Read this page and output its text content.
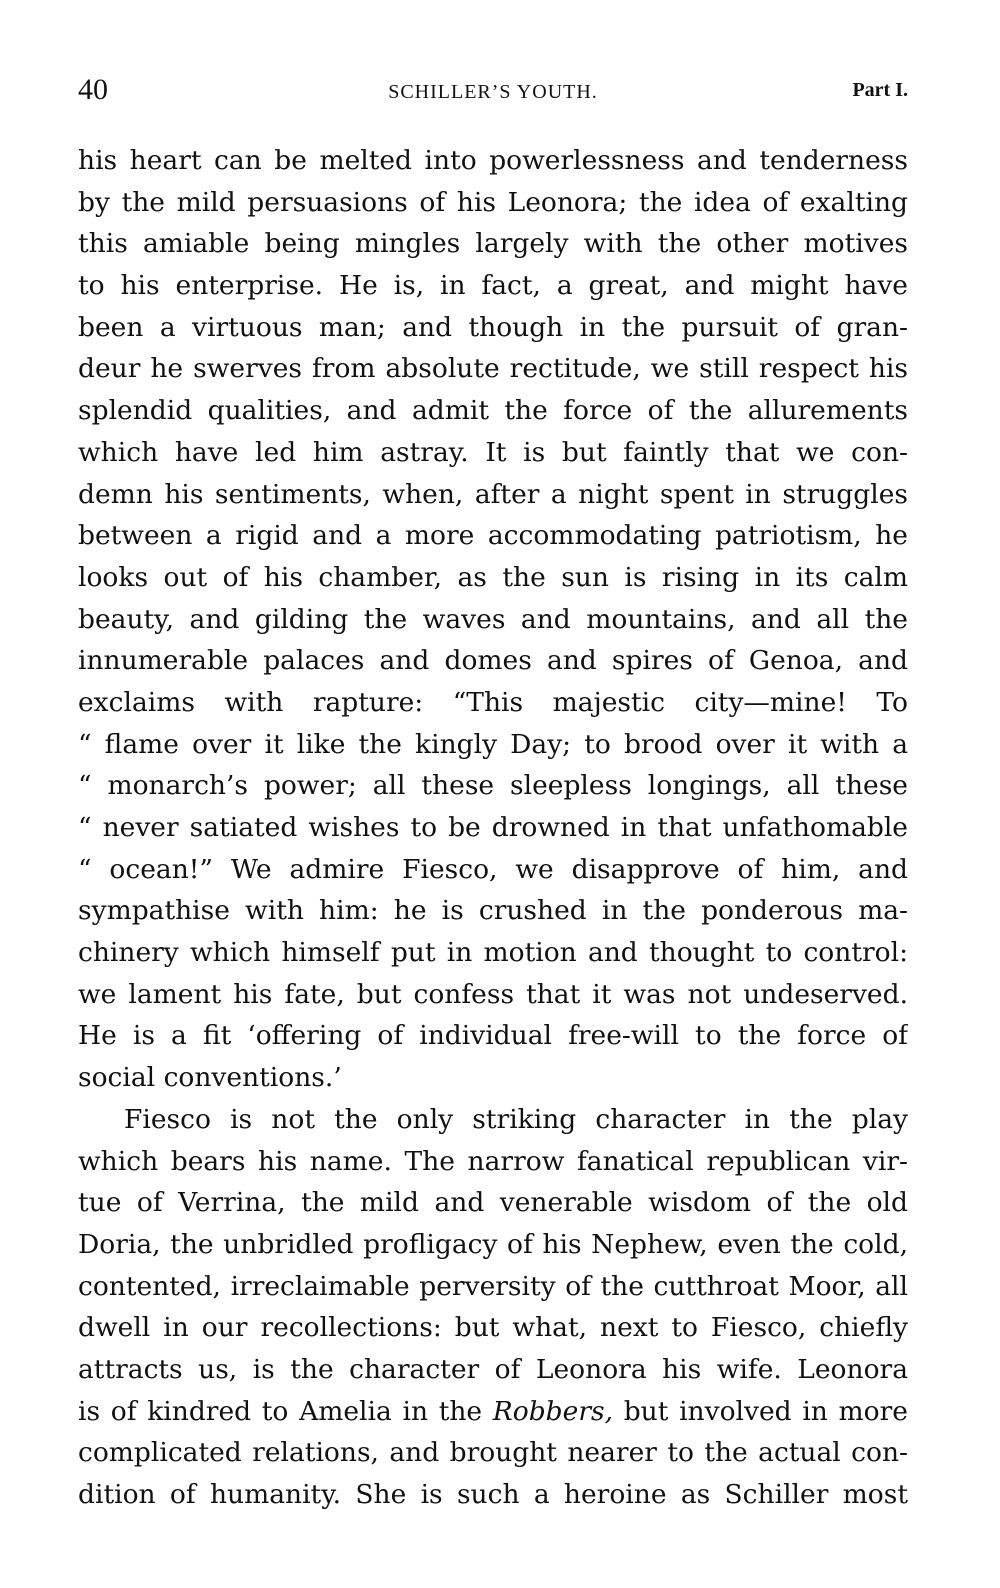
40	SCHILLER’S YOUTH.	Part I.
his heart can be melted into powerlessness and tenderness
by the mild persuasions of his Leonora; the idea of exalting
this amiable being mingles largely with the other motives
to his enterprise. He is, in fact, a great, and might have
been a virtuous man; and though in the pursuit of gran-
deur he swerves from absolute rectitude, we still respect his
splendid qualities, and admit the force of the allurements
which have led him astray. It is but faintly that we con-
demn his sentiments, when, after a night spent in struggles
between a rigid and a more accommodating patriotism, he
looks out of his chamber, as the sun is rising in its calm
beauty, and gilding the waves and mountains, and all the
innumerable palaces and domes and spires of Genoa, and
exclaims with rapture: “This majestic city—mine! To
“ flame over it like the kingly Day; to brood over it with a
“ monarch’s power; all these sleepless longings, all these
“ never satiated wishes to be drowned in that unfathomable
“ ocean!” We admire Fiesco, we disapprove of him, and
sympathise with him: he is crushed in the ponderous ma-
chinery which himself put in motion and thought to control:
we lament his fate, but confess that it was not undeserved.
He is a fit ‘offering of individual free-will to the force of
social conventions.’
Fiesco is not the only striking character in the play
which bears his name. The narrow fanatical republican vir-
tue of Verrina, the mild and venerable wisdom of the old
Doria, the unbridled profligacy of his Nephew, even the cold,
contented, irreclaimable perversity of the cutthroat Moor, all
dwell in our recollections: but what, next to Fiesco, chiefly
attracts us, is the character of Leonora his wife. Leonora
is of kindred to Amelia in the Robbers, but involved in more
complicated relations, and brought nearer to the actual con-
dition of humanity. She is such a heroine as Schiller most
